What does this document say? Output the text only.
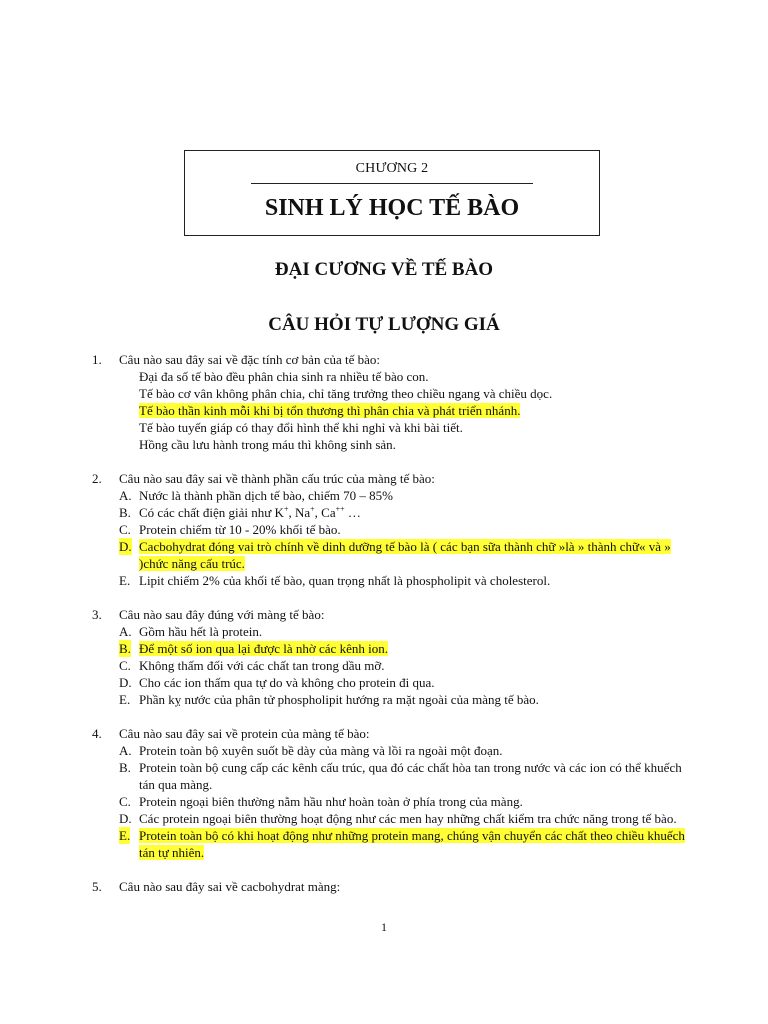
CHƯƠNG 2
SINH LÝ HỌC TẾ BÀO
ĐẠI CƯƠNG VỀ TẾ BÀO
CÂU HỎI TỰ LƯỢNG GIÁ
1. Câu nào sau đây sai về đặc tính cơ bản của tế bào:
Đại đa số tế bào đều phân chia sinh ra nhiều tế bào con.
Tế bào cơ vân không phân chia, chỉ tăng trưởng theo chiều ngang và chiều dọc.
Tế bào thần kinh mỗi khi bị tổn thương thì phân chia và phát triển nhánh.
Tế bào tuyến giáp có thay đổi hình thể khi nghỉ và khi bài tiết.
Hồng cầu lưu hành trong máu thì không sinh sản.
2. Câu nào sau đây sai về thành phần cấu trúc của màng tế bào:
A. Nước là thành phần dịch tế bào, chiếm 70 – 85%
B. Có các chất điện giải như K+, Na+, Ca++ …
C. Protein chiếm từ 10 - 20% khối tế bào.
D. Cacbohydrat đóng vai trò chính về dinh dưỡng tế bào là ( các bạn sữa thành chữ »là » thành chữ« và » )chức năng cấu trúc.
E. Lipit chiếm 2% của khối tế bào, quan trọng nhất là phospholipit và cholesterol.
3. Câu nào sau đây đúng với màng tế bào:
A. Gồm hầu hết là protein.
B. Để một số ion qua lại được là nhờ các kênh ion.
C. Không thấm đối với các chất tan trong dầu mỡ.
D. Cho các ion thấm qua tự do và không cho protein đi qua.
E. Phần kỵ nước của phân tử phospholipit hướng ra mặt ngoài của màng tế bào.
4. Câu nào sau đây sai về protein của màng tế bào:
A. Protein toàn bộ xuyên suốt bề dày của màng và lồi ra ngoài một đoạn.
B. Protein toàn bộ cung cấp các kênh cấu trúc, qua đó các chất hòa tan trong nước và các ion có thể khuếch tán qua màng.
C. Protein ngoại biên thường nằm hầu như hoàn toàn ở phía trong của màng.
D. Các protein ngoại biên thường hoạt động như các men hay những chất kiểm tra chức năng trong tế bào.
E. Protein toàn bộ có khi hoạt động như những protein mang, chúng vận chuyển các chất theo chiều khuếch tán tự nhiên.
5. Câu nào sau đây sai về cacbohydrat màng:
1
